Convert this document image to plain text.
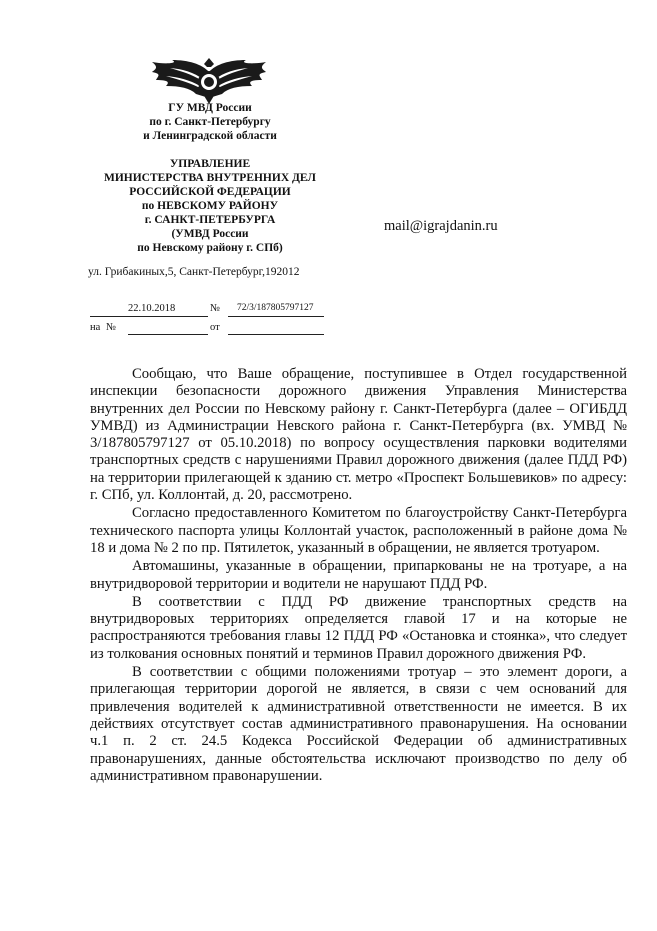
ГУ МВД России
по г. Санкт-Петербургу
и Ленинградской области
УПРАВЛЕНИЕ
МИНИСТЕРСТВА ВНУТРЕННИХ ДЕЛ
РОССИЙСКОЙ ФЕДЕРАЦИИ
по НЕВСКОМУ РАЙОНУ
г. САНКТ-ПЕТЕРБУРГА
(УМВД России
по Невскому району г. СПб)
mail@igrajdanin.ru
ул. Грибакиных,5, Санкт-Петербург,192012
22.10.2018	№ 72/3/187805797127
на №	от

Сообщаю, что Ваше обращение, поступившее в Отдел государственной инспекции безопасности дорожного движения Управления Министерства внутренних дел России по Невскому району г. Санкт-Петербурга (далее – ОГИБДД УМВД) из Администрации Невского района г. Санкт-Петербурга (вх. УМВД № 3/187805797127 от 05.10.2018) по вопросу осуществления парковки водителями транспортных средств с нарушениями Правил дорожного движения (далее ПДД РФ) на территории прилегающей к зданию ст. метро «Проспект Большевиков» по адресу: г. СПб, ул. Коллонтай, д. 20, рассмотрено.

Согласно предоставленного Комитетом по благоустройству Санкт-Петербурга технического паспорта улицы Коллонтай участок, расположенный в районе дома № 18 и дома № 2 по пр. Пятилеток, указанный в обращении, не является тротуаром.

Автомашины, указанные в обращении, припаркованы не на тротуаре, а на внутридворовой территории и водители не нарушают ПДД РФ.

В соответствии с ПДД РФ движение транспортных средств на внутридворовых территориях определяется главой 17 и на которые не распространяются требования главы 12 ПДД РФ «Остановка и стоянка», что следует из толкования основных понятий и терминов Правил дорожного движения РФ.

В соответствии с общими положениями тротуар – это элемент дороги, а прилегающая территории дорогой не является, в связи с чем оснований для привлечения водителей к административной ответственности не имеется. В их действиях отсутствует состав административного правонарушения. На основании ч.1 п. 2 ст. 24.5 Кодекса Российской Федерации об административных правонарушениях, данные обстоятельства исключают производство по делу об административном правонарушении.
